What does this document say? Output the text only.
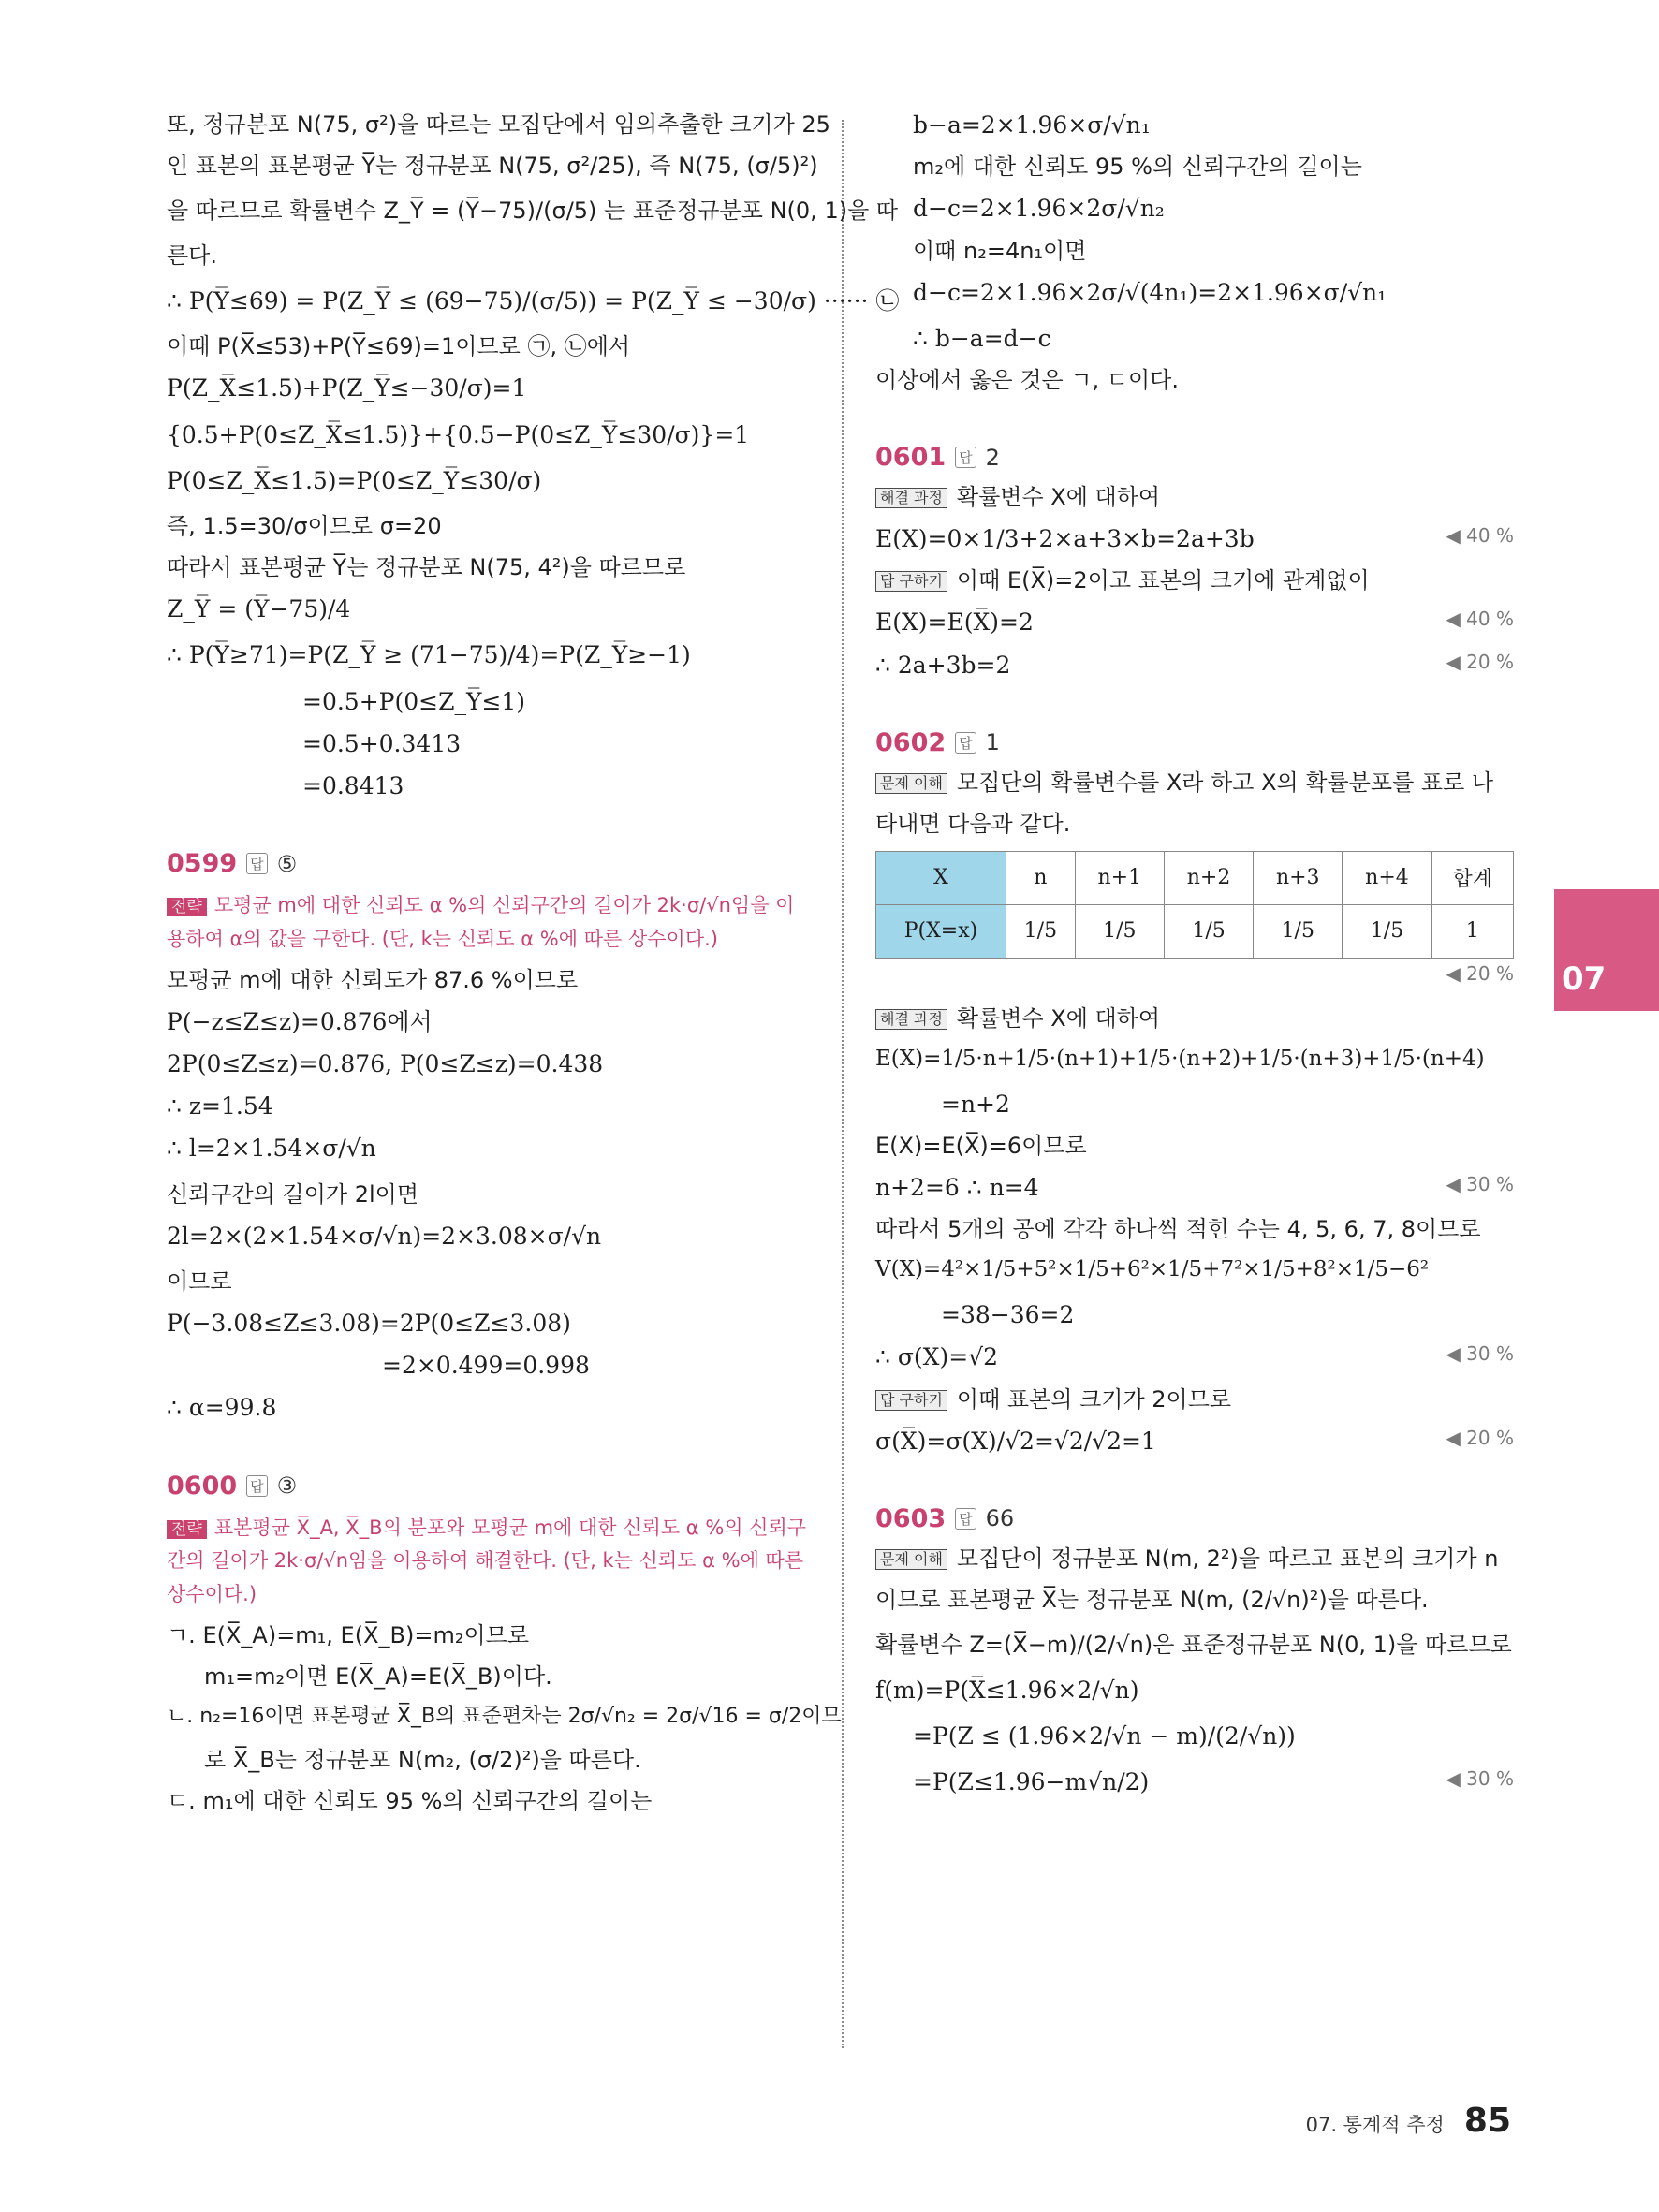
또, 정규분포 N(75, σ²)을 따르는 모집단에서 임의추출한 크기가 25
인 표본의 표본평균 Y̅는 정규분포 N(75, σ²/25), 즉 N(75, (σ/5)²)
을 따르므로 확률변수 Z_Y̅ = (Y̅−75)/(σ/5) 는 표준정규분포 N(0, 1)을 따
른다.
∴ P(Y̅≤69) = P(Z_Y̅ ≤ (69−75)/(σ/5)) = P(Z_Y̅ ≤ −30/σ) ······ ㉡
이때 P(X̅≤53)+P(Y̅≤69)=1이므로 ㉠, ㉡에서
P(Z_X̅≤1.5)+P(Z_Y̅≤−30/σ)=1
{0.5+P(0≤Z_X̅≤1.5)}+{0.5−P(0≤Z_Y̅≤30/σ)}=1
P(0≤Z_X̅≤1.5)=P(0≤Z_Y̅≤30/σ)
즉, 1.5=30/σ이므로 σ=20
따라서 표본평균 Y̅는 정규분포 N(75, 4²)을 따르므로
Z_Y̅ = (Y̅−75)/4
∴ P(Y̅≥71)=P(Z_Y̅ ≥ (71−75)/4)=P(Z_Y̅≥−1)
=0.5+P(0≤Z_Y̅≤1)
=0.5+0.3413
=0.8413
0599 답 ⑤
전략 모평균 m에 대한 신뢰도 α %의 신뢰구간의 길이가 2k·σ/√n임을 이용하여 α의 값을 구한다. (단, k는 신뢰도 α %에 따른 상수이다.)
모평균 m에 대한 신뢰도가 87.6 %이므로
P(−z≤Z≤z)=0.876에서
2P(0≤Z≤z)=0.876, P(0≤Z≤z)=0.438
∴ z=1.54
∴ l=2×1.54×σ/√n
신뢰구간의 길이가 2l이면
2l=2×(2×1.54×σ/√n)=2×3.08×σ/√n
이므로
P(−3.08≤Z≤3.08)=2P(0≤Z≤3.08)
=2×0.499=0.998
∴ α=99.8
0600 답 ③
전략 표본평균 X̅_A, X̅_B의 분포와 모평균 m에 대한 신뢰도 α %의 신뢰구간의 길이가 2k·σ/√n임을 이용하여 해결한다. (단, k는 신뢰도 α %에 따른 상수이다.)
ㄱ. E(X̅_A)=m₁, E(X̅_B)=m₂이므로
m₁=m₂이면 E(X̅_A)=E(X̅_B)이다.
ㄴ. n₂=16이면 표본평균 X̅_B의 표준편차는 2σ/√n₂ = 2σ/√16 = σ/2이므
로 X̅_B는 정규분포 N(m₂, (σ/2)²)을 따른다.
ㄷ. m₁에 대한 신뢰도 95 %의 신뢰구간의 길이는
b−a=2×1.96×σ/√n₁
m₂에 대한 신뢰도 95 %의 신뢰구간의 길이는
d−c=2×1.96×2σ/√n₂
이때 n₂=4n₁이면
d−c=2×1.96×2σ/√(4n₁)=2×1.96×σ/√n₁
∴ b−a=d−c
이상에서 옳은 것은 ㄱ, ㄷ이다.
0601 답 2
해결 과정 확률변수 X에 대하여
E(X)=0×1/3+2×a+3×b=2a+3b	◀ 40 %
답 구하기 이때 E(X̅)=2이고 표본의 크기에 관계없이
E(X)=E(X̅)=2	◀ 40 %
∴ 2a+3b=2	◀ 20 %
0602 답 1
문제 이해 모집단의 확률변수를 X라 하고 X의 확률분포를 표로 나
타내면 다음과 같다.
X	n	n+1	n+2	n+3	n+4	합계
P(X=x)	1/5	1/5	1/5	1/5	1/5	1

◀ 20 %
해결 과정 확률변수 X에 대하여
E(X)=1/5·n+1/5·(n+1)+1/5·(n+2)+1/5·(n+3)+1/5·(n+4)
=n+2
E(X)=E(X̅)=6이므로
n+2=6 ∴ n=4	◀ 30 %
따라서 5개의 공에 각각 하나씩 적힌 수는 4, 5, 6, 7, 8이므로
V(X)=4²×1/5+5²×1/5+6²×1/5+7²×1/5+8²×1/5−6²
=38−36=2
∴ σ(X)=√2	◀ 30 %
답 구하기 이때 표본의 크기가 2이므로
σ(X̅)=σ(X)/√2=√2/√2=1	◀ 20 %
0603 답 66
문제 이해 모집단이 정규분포 N(m, 2²)을 따르고 표본의 크기가 n
이므로 표본평균 X̅는 정규분포 N(m, (2/√n)²)을 따른다.
확률변수 Z=(X̅−m)/(2/√n)은 표준정규분포 N(0, 1)을 따르므로
f(m)=P(X̅≤1.96×2/√n)
=P(Z ≤ (1.96×2/√n − m)/(2/√n))
=P(Z≤1.96−m√n/2)	◀ 30 %
07
07. 통계적 추정 85
